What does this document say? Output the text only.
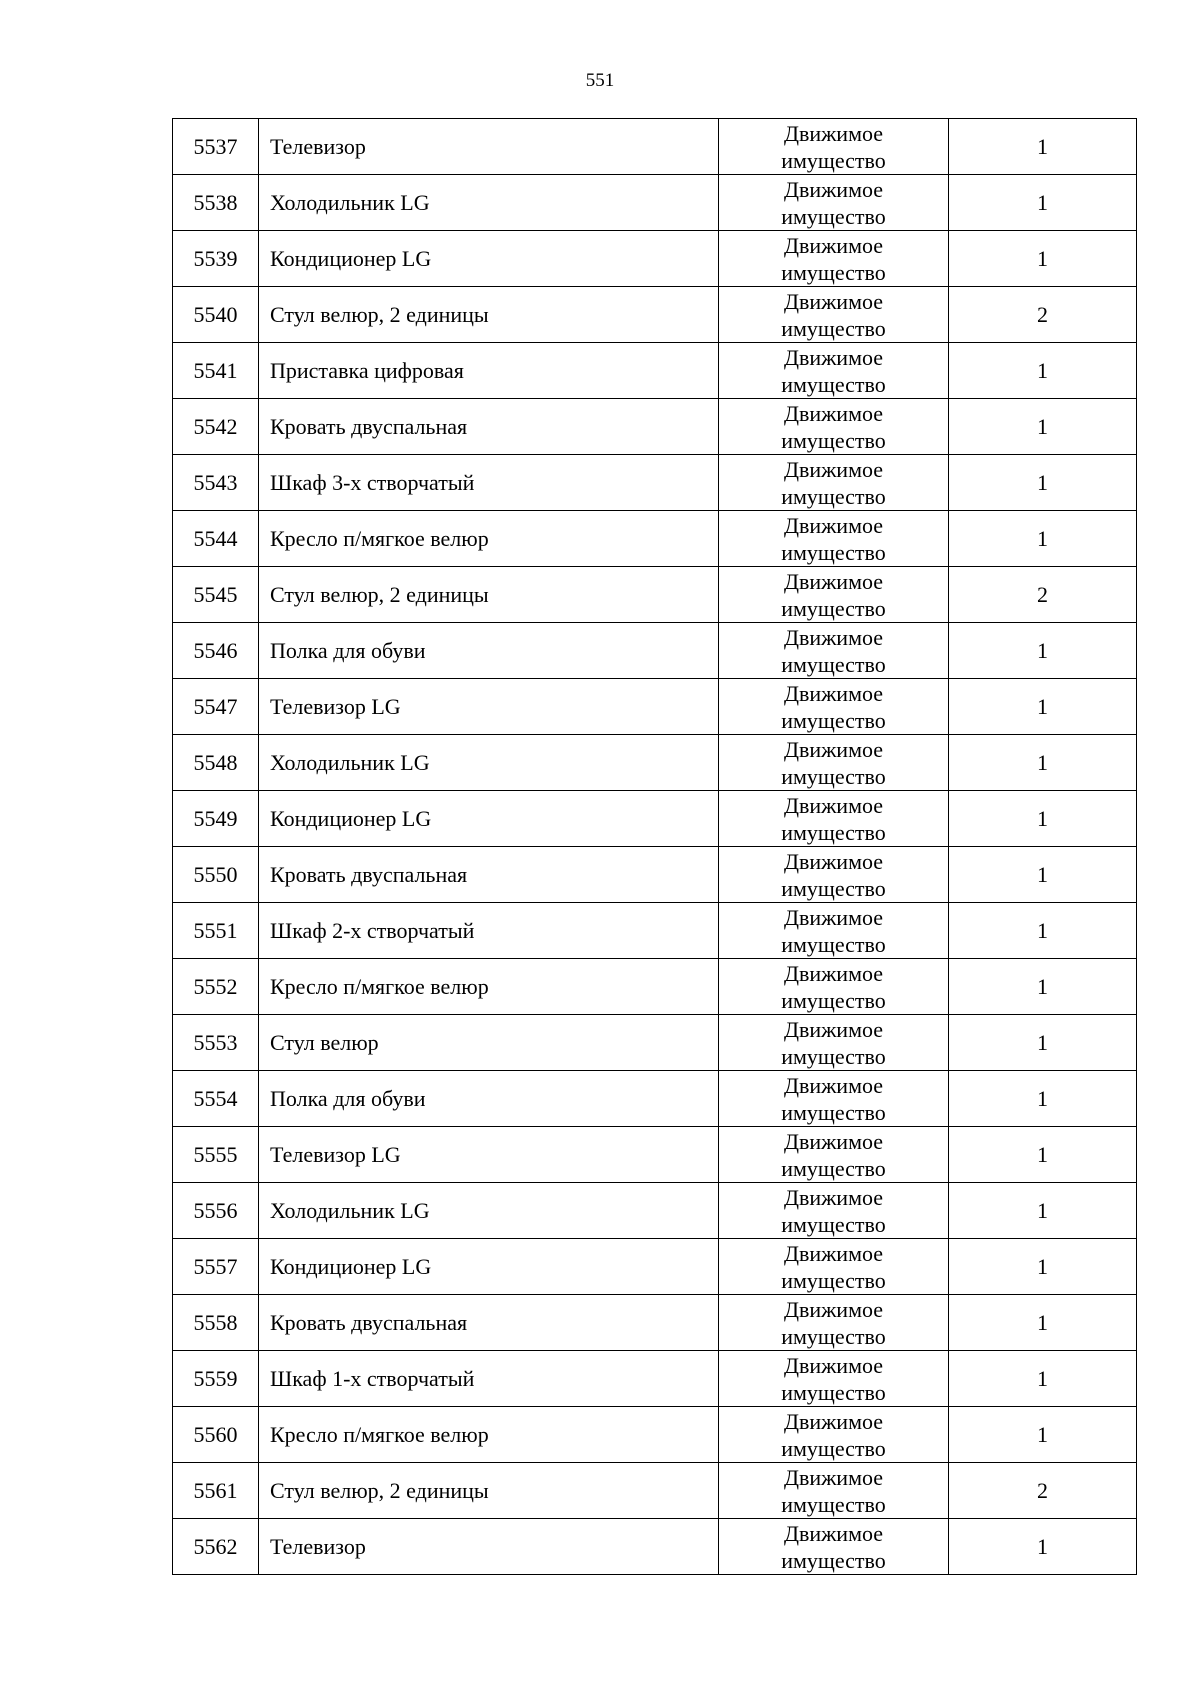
551
5537	Телевизор	Движимое имущество	1
5538	Холодильник LG	Движимое имущество	1
5539	Кондиционер LG	Движимое имущество	1
5540	Стул велюр, 2 единицы	Движимое имущество	2
5541	Приставка цифровая	Движимое имущество	1
5542	Кровать двуспальная	Движимое имущество	1
5543	Шкаф 3-х створчатый	Движимое имущество	1
5544	Кресло п/мягкое велюр	Движимое имущество	1
5545	Стул велюр, 2 единицы	Движимое имущество	2
5546	Полка для обуви	Движимое имущество	1
5547	Телевизор LG	Движимое имущество	1
5548	Холодильник LG	Движимое имущество	1
5549	Кондиционер LG	Движимое имущество	1
5550	Кровать двуспальная	Движимое имущество	1
5551	Шкаф 2-х створчатый	Движимое имущество	1
5552	Кресло п/мягкое велюр	Движимое имущество	1
5553	Стул велюр	Движимое имущество	1
5554	Полка для обуви	Движимое имущество	1
5555	Телевизор LG	Движимое имущество	1
5556	Холодильник LG	Движимое имущество	1
5557	Кондиционер LG	Движимое имущество	1
5558	Кровать двуспальная	Движимое имущество	1
5559	Шкаф 1-х створчатый	Движимое имущество	1
5560	Кресло п/мягкое велюр	Движимое имущество	1
5561	Стул велюр, 2 единицы	Движимое имущество	2
5562	Телевизор	Движимое имущество	1
